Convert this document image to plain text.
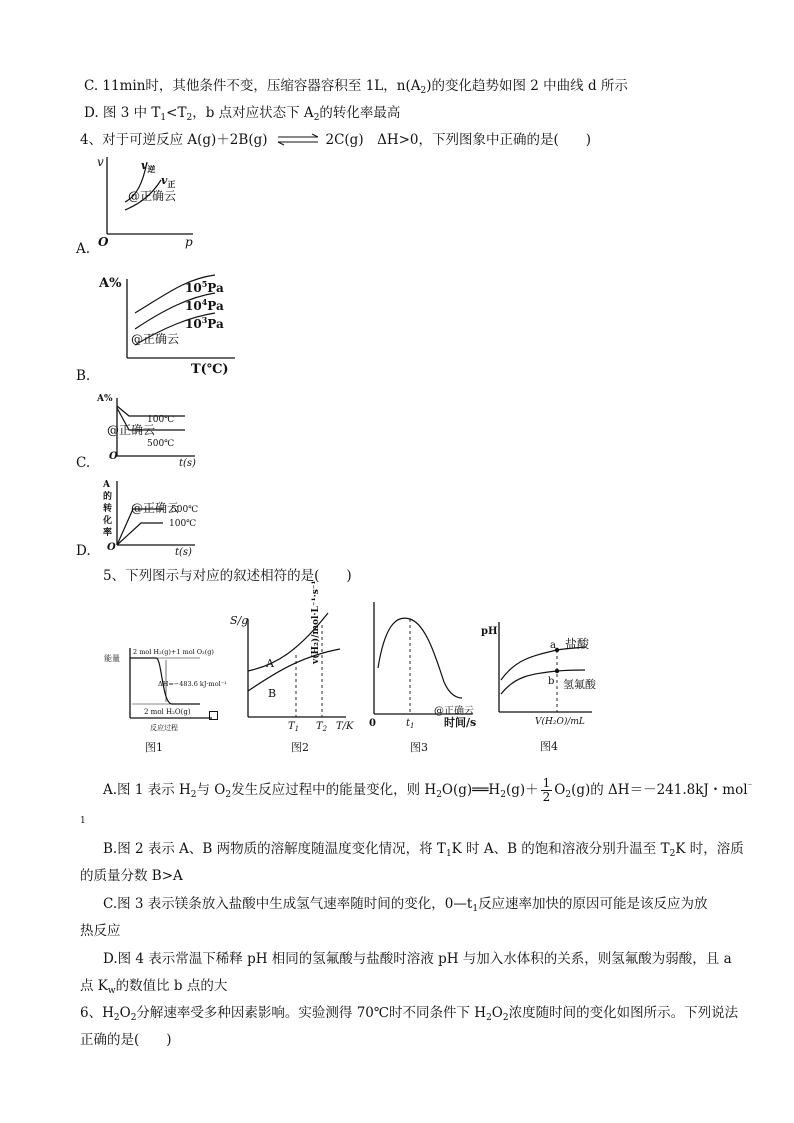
C. 11min时，其他条件不变，压缩容器容积至 1L，$n(A_2)$的变化趋势如图 2 中曲线 d 所示
D. 图 3 中 $T_1<T_2$，b 点对应状态下 $A_2$的转化率最高
4、对于可逆反应 A(g)＋2B(g)	2C(g)　ΔH>0，下列图象中正确的是(　　)
A.
v	$v_逆$
$v_正$
@正确云
O	p
B.
A%	$10^5Pa$
$10^4Pa$
$10^3Pa$
@正确云
T(℃)
C.
A%
100℃
@正确云
500℃
O
t(s)
D.
A 的 转 化 率
@正确云
500℃
100℃
O	t(s)
5、下列图示与对应的叙述相符的是(　　)
能量
2 mol H₂(g)+1 mol O₂(g)
ΔH=−483.6 kJ·mol⁻¹
2 mol H₂O(g)
反应过程
图1
S/g
A
B
$T_1$ $T_2$ T/K
图2
v(H₂)/mol·L⁻¹·s⁻¹
@正确云
0	$t_1$	时间/s
图3
pH
a 盐酸
b 氢氟酸
V(H₂O)/mL
图4
A.图 1 表示 $H_2$与 $O_2$发生反应过程中的能量变化，则 $H_2O(g)══H_2(g)+ \frac{1}{2} O_2(g)$的 ΔH＝－241.8kJ・mol⁻
1
B.图 2 表示 A、B 两物质的溶解度随温度变化情况，将 $T_1K$ 时 A、B 的饱和溶液分别升温至 $T_2K$ 时，溶质
的质量分数 B>A
C.图 3 表示镁条放入盐酸中生成氢气速率随时间的变化，$0—t_1$反应速率加快的原因可能是该反应为放
热反应
D.图 4 表示常温下稀释 pH 相同的氢氟酸与盐酸时溶液 pH 与加入水体积的关系，则氢氟酸为弱酸，且 a
点 $K_w$的数值比 b 点的大
6、$H_2O_2$分解速率受多种因素影响。实验测得 70℃时不同条件下 $H_2O_2$浓度随时间的变化如图所示。下列说法
正确的是(　　)
